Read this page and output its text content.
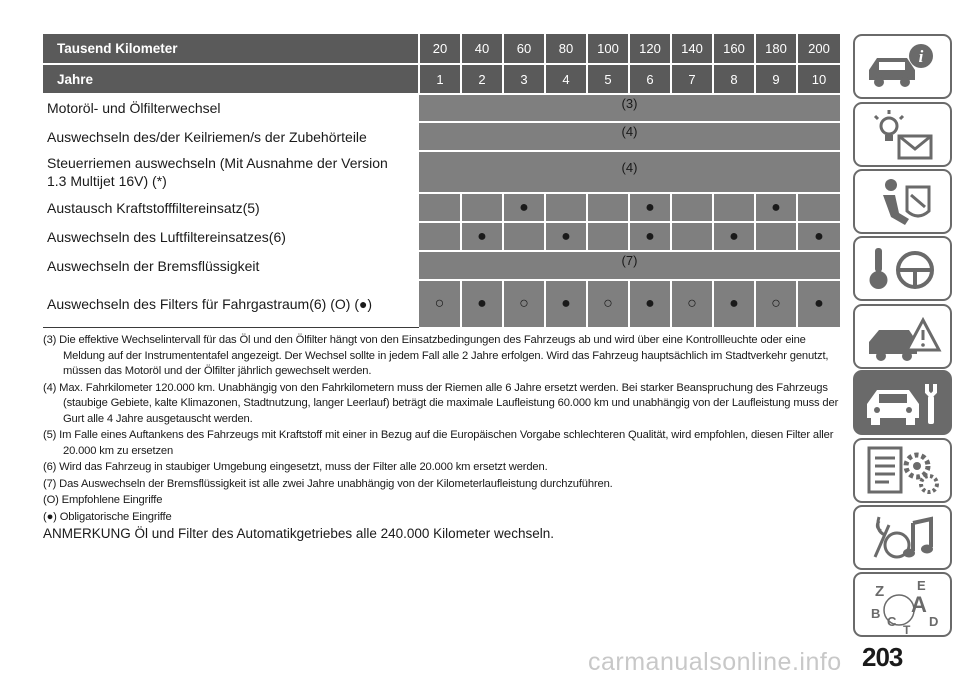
Tausend Kilometer	20	40	60	80	100	120	140	160	180	200
Jahre	1	2	3	4	5	6	7	8	9	10
Motoröl- und Ölfilterwechsel	(3)									
Auswechseln des/der Keilriemen/s der Zubehörteile	(4)									
Steuerriemen auswechseln (Mit Ausnahme der Version
1.3 Multijet 16V) (*)	(4)									
Austausch Kraftstofffiltereinsatz(5)			●			●			●	
Auswechseln des Luftfiltereinsatzes(6)		●		●		●		●		●
Auswechseln der Bremsflüssigkeit	(7)									
Auswechseln des Filters für Fahrgastraum(6) (O) (●)	○	●	○	●	○	●	○	●	○	●

(3) Die effektive Wechselintervall für das Öl und den Ölfilter hängt von den Einsatzbedingungen des Fahrzeugs ab und wird über eine Kontrollleuchte oder eine Meldung auf der Instrumententafel angezeigt. Der Wechsel sollte in jedem Fall alle 2 Jahre erfolgen. Wird das Fahrzeug hauptsächlich im Stadtverkehr genutzt, müssen das Motoröl und der Ölfilter jährlich gewechselt werden.

(4) Max. Fahrkilometer 120.000 km. Unabhängig von den Fahrkilometern muss der Riemen alle 6 Jahre ersetzt werden. Bei starker Beanspruchung des Fahrzeugs (staubige Gebiete, kalte Klimazonen, Stadtnutzung, langer Leerlauf) beträgt die maximale Laufleistung 60.000 km und unabhängig von der Laufleistung muss der Gurt alle 4 Jahre ausgetauscht werden.

(5) Im Falle eines Auftankens des Fahrzeugs mit Kraftstoff mit einer in Bezug auf die Europäischen Vorgabe schlechteren Qualität, wird empfohlen, diesen Filter aller 20.000 km zu ersetzen

(6) Wird das Fahrzeug in staubiger Umgebung eingesetzt, muss der Filter alle 20.000 km ersetzt werden.

(7) Das Auswechseln der Bremsflüssigkeit ist alle zwei Jahre unabhängig von der Kilometerlaufleistung durchzuführen.

(O) Empfohlene Eingriffe

(●) Obligatorische Eingriffe

ANMERKUNG Öl und Filter des Automatikgetriebes alle 240.000 Kilometer wechseln.

i
Z	E
B A
C	D
T
carmanualsonline.info 203
